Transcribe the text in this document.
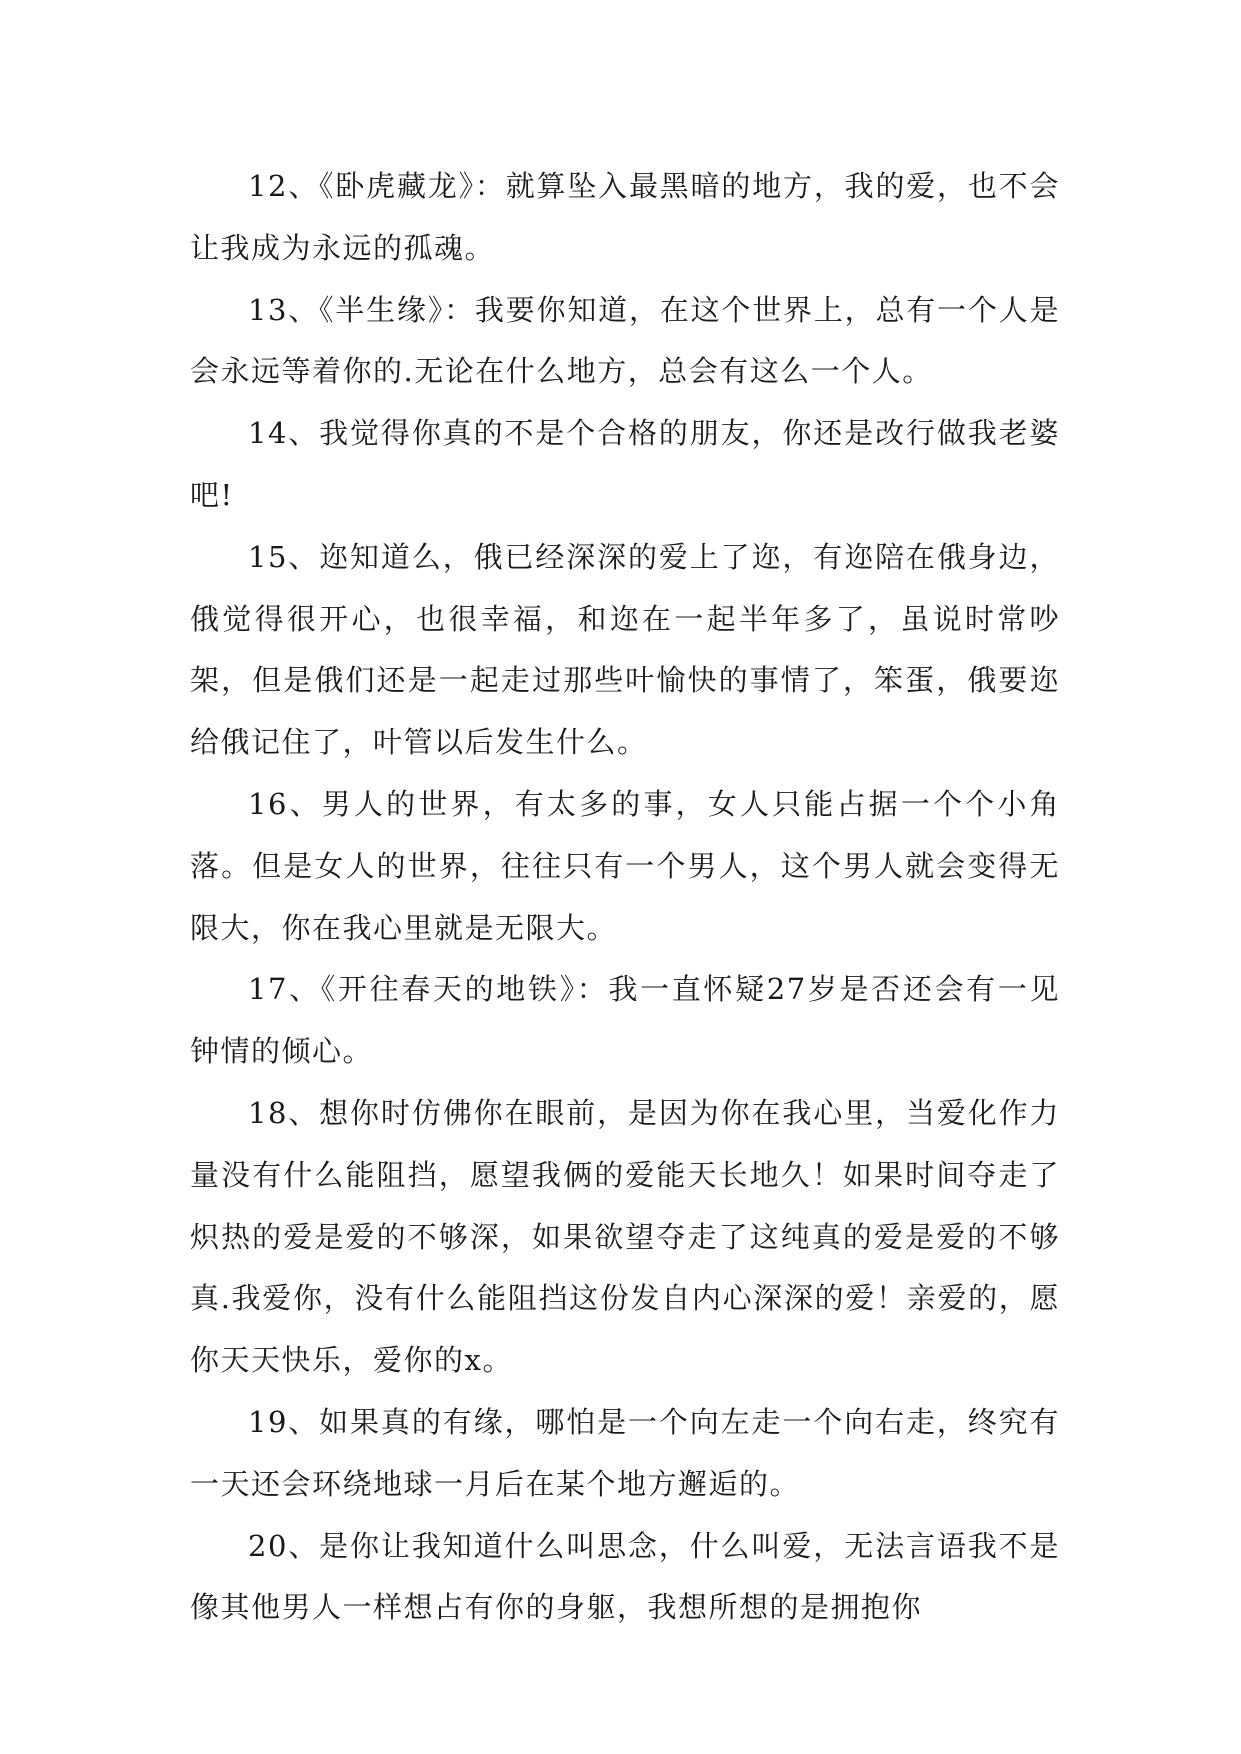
12、《卧虎藏龙》：就算坠入最黑暗的地方，我的爱，也不会让我成为永远的孤魂。

13、《半生缘》：我要你知道，在这个世界上，总有一个人是会永远等着你的.无论在什么地方，总会有这么一个人。

14、我觉得你真的不是个合格的朋友，你还是改行做我老婆吧!

15、迩知道么，俄已经深深的爱上了迩，有迩陪在俄身边，俄觉得很开心，也很幸福，和迩在一起半年多了，虽说时常吵架，但是俄们还是一起走过那些叶愉快的事情了，笨蛋，俄要迩给俄记住了，叶管以后发生什么。

16、男人的世界，有太多的事，女人只能占据一个个小角落。但是女人的世界，往往只有一个男人，这个男人就会变得无限大，你在我心里就是无限大。

17、《开往春天的地铁》：我一直怀疑27岁是否还会有一见钟情的倾心。

18、想你时仿佛你在眼前，是因为你在我心里，当爱化作力量没有什么能阻挡，愿望我俩的爱能天长地久！如果时间夺走了炽热的爱是爱的不够深，如果欲望夺走了这纯真的爱是爱的不够真.我爱你，没有什么能阻挡这份发自内心深深的爱！亲爱的，愿你天天快乐，爱你的x。

19、如果真的有缘，哪怕是一个向左走一个向右走，终究有一天还会环绕地球一月后在某个地方邂逅的。

20、是你让我知道什么叫思念，什么叫爱，无法言语我不是像其他男人一样想占有你的身躯，我想所想的是拥抱你
